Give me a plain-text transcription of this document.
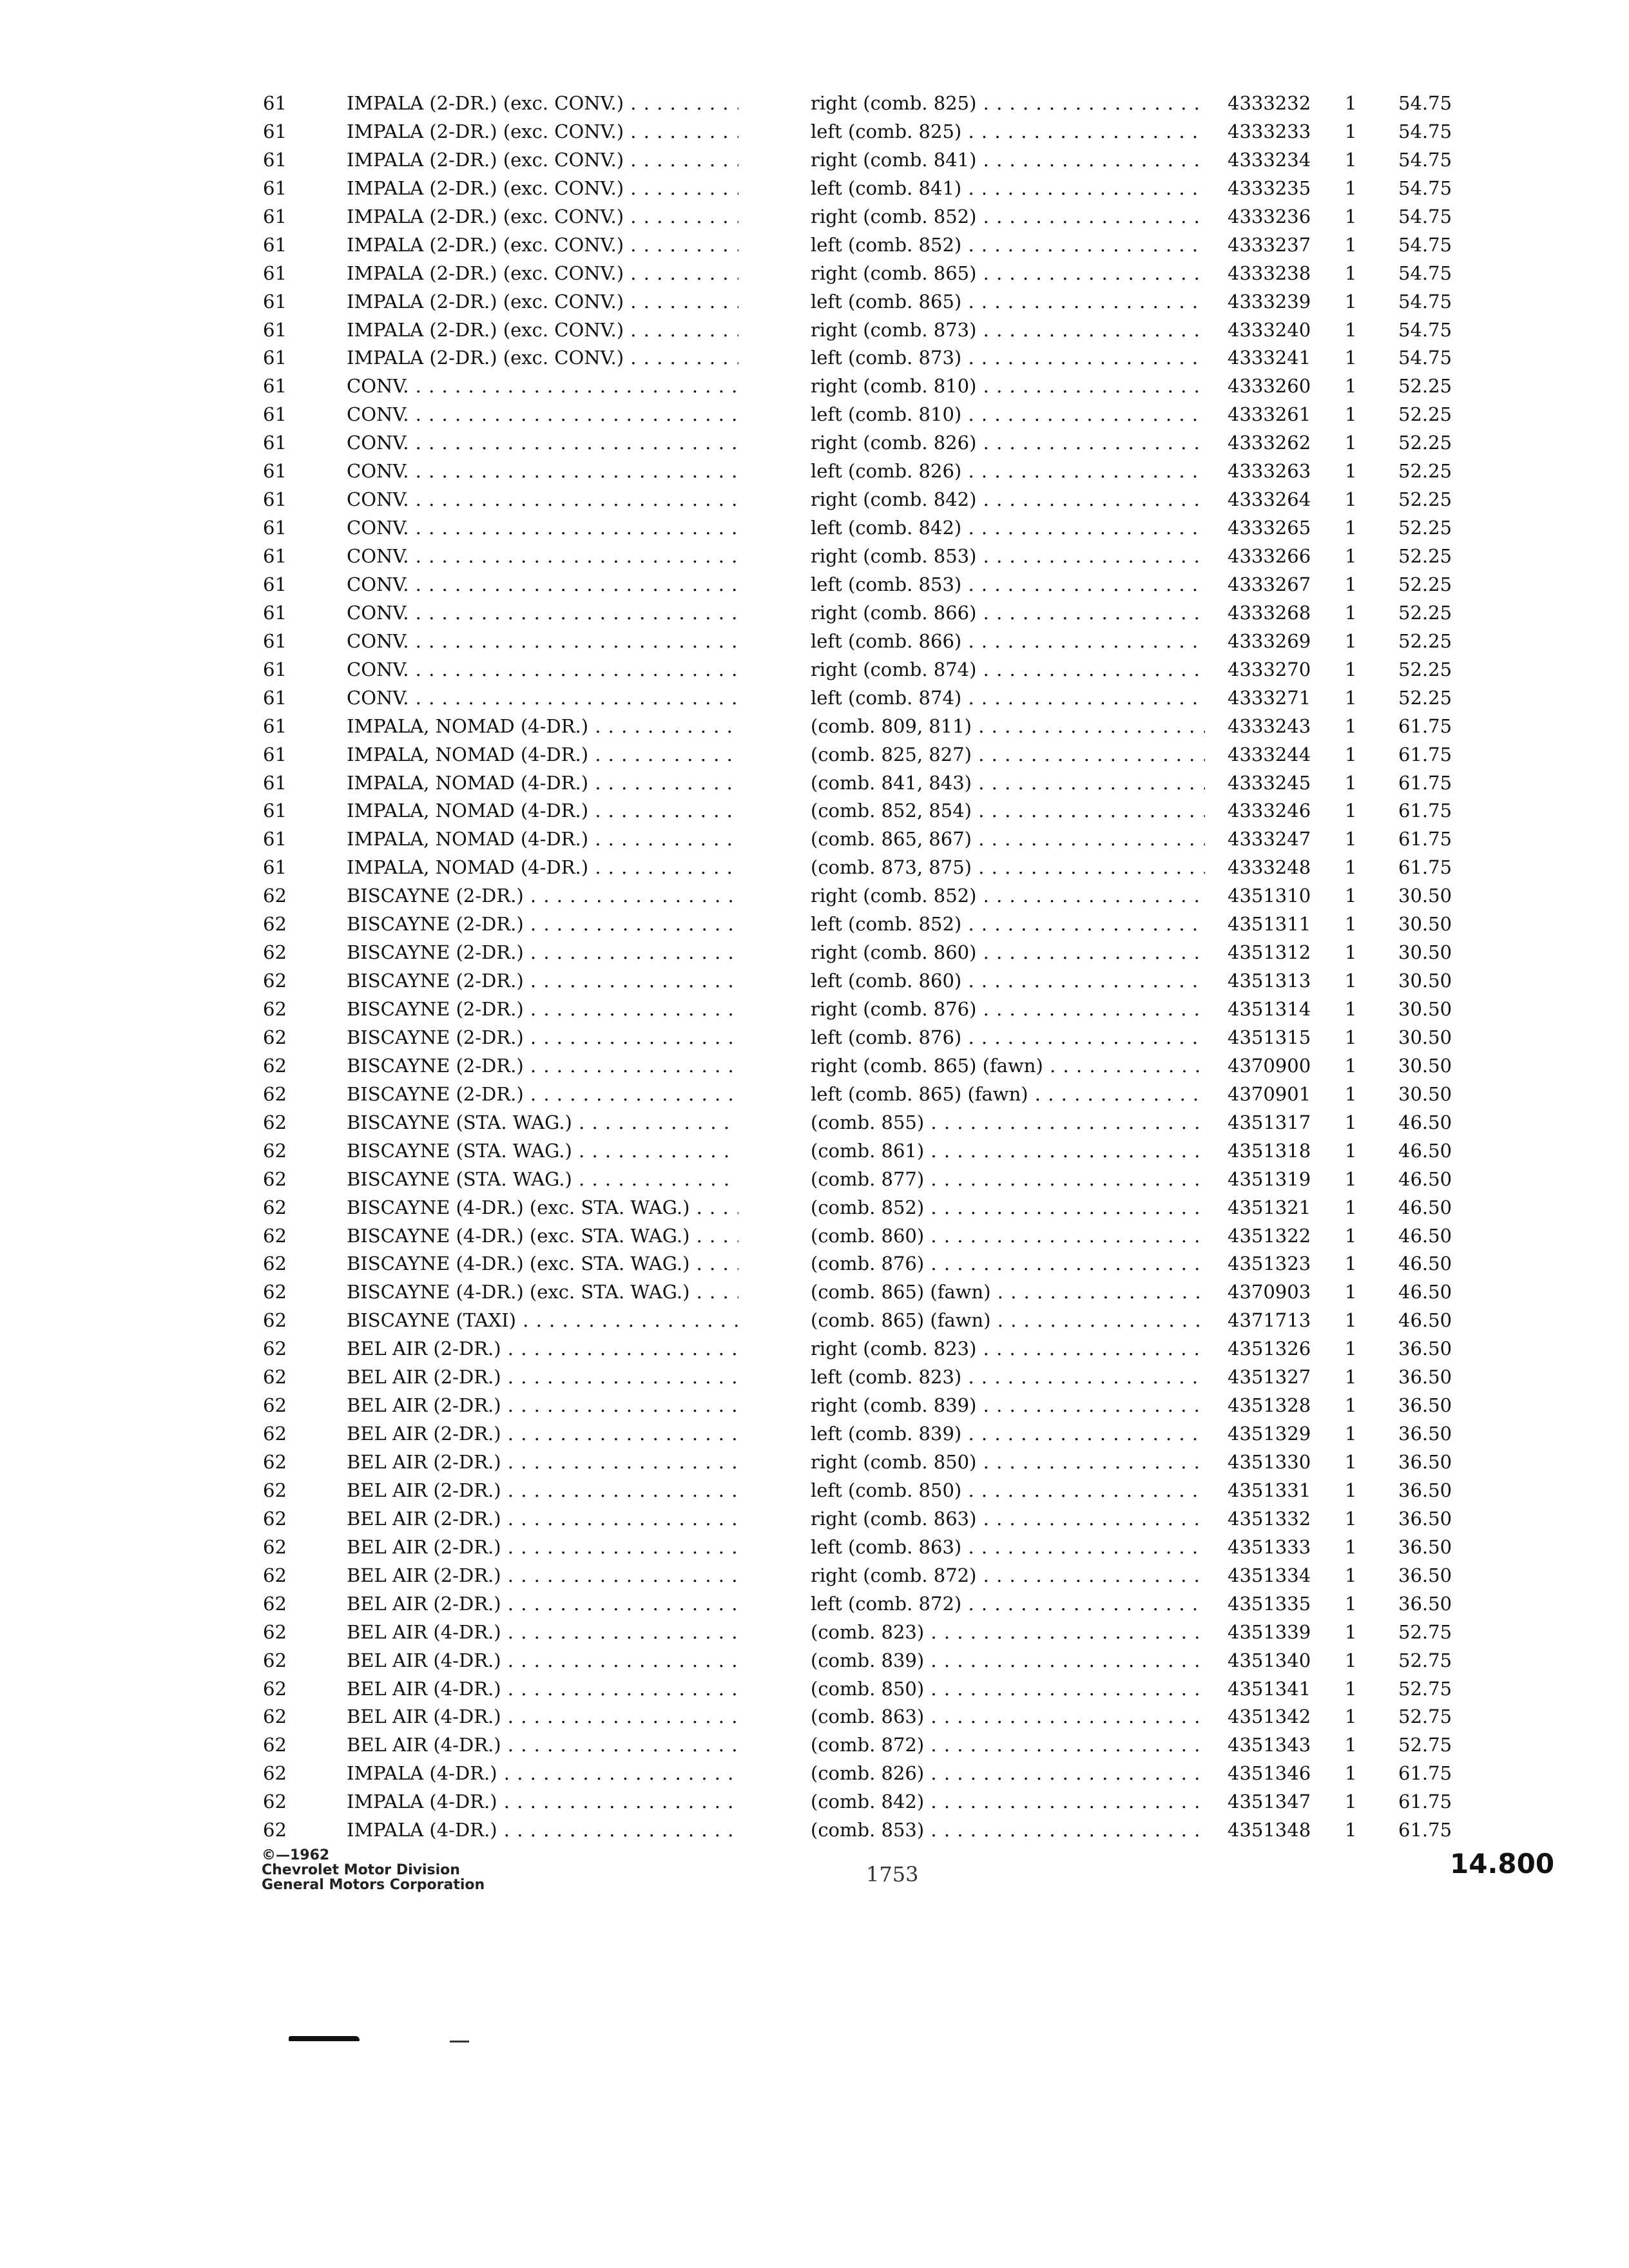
61	IMPALA (2-DR.) (exc. CONV.) . . .	right (comb. 825) . . .	4333232 1 54.75
61	IMPALA (2-DR.) (exc. CONV.) . . .	left (comb. 825) . . .	4333233 1 54.75
61	IMPALA (2-DR.) (exc. CONV.) . . .	right (comb. 841) . . .	4333234 1 54.75
61	IMPALA (2-DR.) (exc. CONV.) . . .	left (comb. 841) . . .	4333235 1 54.75
61	IMPALA (2-DR.) (exc. CONV.) . . .	right (comb. 852) . . .	4333236 1 54.75
61	IMPALA (2-DR.) (exc. CONV.) . . .	left (comb. 852) . . .	4333237 1 54.75
61	IMPALA (2-DR.) (exc. CONV.) . . .	right (comb. 865) . . .	4333238 1 54.75
61	IMPALA (2-DR.) (exc. CONV.) . . .	left (comb. 865) . . .	4333239 1 54.75
61	IMPALA (2-DR.) (exc. CONV.) . . .	right (comb. 873) . . .	4333240 1 54.75
61	IMPALA (2-DR.) (exc. CONV.) . . .	left (comb. 873) . . .	4333241 1 54.75
61	CONV. . . .	right (comb. 810) . . .	4333260 1 52.25
61	CONV. . . .	left (comb. 810) . . .	4333261 1 52.25
61	CONV. . . .	right (comb. 826) . . .	4333262 1 52.25
61	CONV. . . .	left (comb. 826) . . .	4333263 1 52.25
61	CONV. . . .	right (comb. 842) . . .	4333264 1 52.25
61	CONV. . . .	left (comb. 842) . . .	4333265 1 52.25
61	CONV. . . .	right (comb. 853) . . .	4333266 1 52.25
61	CONV. . . .	left (comb. 853) . . .	4333267 1 52.25
61	CONV. . . .	right (comb. 866) . . .	4333268 1 52.25
61	CONV. . . .	left (comb. 866) . . .	4333269 1 52.25
61	CONV. . . .	right (comb. 874) . . .	4333270 1 52.25
61	CONV. . . .	left (comb. 874) . . .	4333271 1 52.25
61	IMPALA, NOMAD (4-DR.) . . .	(comb. 809, 811) . . .	4333243 1 61.75
61	IMPALA, NOMAD (4-DR.) . . .	(comb. 825, 827) . . .	4333244 1 61.75
61	IMPALA, NOMAD (4-DR.) . . .	(comb. 841, 843) . . .	4333245 1 61.75
61	IMPALA, NOMAD (4-DR.) . . .	(comb. 852, 854) . . .	4333246 1 61.75
61	IMPALA, NOMAD (4-DR.) . . .	(comb. 865, 867) . . .	4333247 1 61.75
61	IMPALA, NOMAD (4-DR.) . . .	(comb. 873, 875) . . .	4333248 1 61.75
62	BISCAYNE (2-DR.) . . .	right (comb. 852) . . .	4351310 1 30.50
62	BISCAYNE (2-DR.) . . .	left (comb. 852) . . .	4351311 1 30.50
62	BISCAYNE (2-DR.) . . .	right (comb. 860) . . .	4351312 1 30.50
62	BISCAYNE (2-DR.) . . .	left (comb. 860) . . .	4351313 1 30.50
62	BISCAYNE (2-DR.) . . .	right (comb. 876) . . .	4351314 1 30.50
62	BISCAYNE (2-DR.) . . .	left (comb. 876) . . .	4351315 1 30.50
62	BISCAYNE (2-DR.) . . .	right (comb. 865) (fawn) . . .	4370900 1 30.50
62	BISCAYNE (2-DR.) . . .	left (comb. 865) (fawn) . . .	4370901 1 30.50
62	BISCAYNE (STA. WAG.) . . .	(comb. 855) . . .	4351317 1 46.50
62	BISCAYNE (STA. WAG.) . . .	(comb. 861) . . .	4351318 1 46.50
62	BISCAYNE (STA. WAG.) . . .	(comb. 877) . . .	4351319 1 46.50
62	BISCAYNE (4-DR.) (exc. STA. WAG.) . . .	(comb. 852) . . .	4351321 1 46.50
62	BISCAYNE (4-DR.) (exc. STA. WAG.) . . .	(comb. 860) . . .	4351322 1 46.50
62	BISCAYNE (4-DR.) (exc. STA. WAG.) . . .	(comb. 876) . . .	4351323 1 46.50
62	BISCAYNE (4-DR.) (exc. STA. WAG.) . . .	(comb. 865) (fawn) . . .	4370903 1 46.50
62	BISCAYNE (TAXI) . . .	(comb. 865) (fawn) . . .	4371713 1 46.50
62	BEL AIR (2-DR.) . . .	right (comb. 823) . . .	4351326 1 36.50
62	BEL AIR (2-DR.) . . .	left (comb. 823) . . .	4351327 1 36.50
62	BEL AIR (2-DR.) . . .	right (comb. 839) . . .	4351328 1 36.50
62	BEL AIR (2-DR.) . . .	left (comb. 839) . . .	4351329 1 36.50
62	BEL AIR (2-DR.) . . .	right (comb. 850) . . .	4351330 1 36.50
62	BEL AIR (2-DR.) . . .	left (comb. 850) . . .	4351331 1 36.50
62	BEL AIR (2-DR.) . . .	right (comb. 863) . . .	4351332 1 36.50
62	BEL AIR (2-DR.) . . .	left (comb. 863) . . .	4351333 1 36.50
62	BEL AIR (2-DR.) . . .	right (comb. 872) . . .	4351334 1 36.50
62	BEL AIR (2-DR.) . . .	left (comb. 872) . . .	4351335 1 36.50
62	BEL AIR (4-DR.) . . .	(comb. 823) . . .	4351339 1 52.75
62	BEL AIR (4-DR.) . . .	(comb. 839) . . .	4351340 1 52.75
62	BEL AIR (4-DR.) . . .	(comb. 850) . . .	4351341 1 52.75
62	BEL AIR (4-DR.) . . .	(comb. 863) . . .	4351342 1 52.75
62	BEL AIR (4-DR.) . . .	(comb. 872) . . .	4351343 1 52.75
62	IMPALA (4-DR.) . . .	(comb. 826) . . .	4351346 1 61.75
62	IMPALA (4-DR.) . . .	(comb. 842) . . .	4351347 1 61.75
62	IMPALA (4-DR.) . . .	(comb. 853) . . .	4351348 1 61.75
©—1962
Chevrolet Motor Division
General Motors Corporation	1753	14.800
